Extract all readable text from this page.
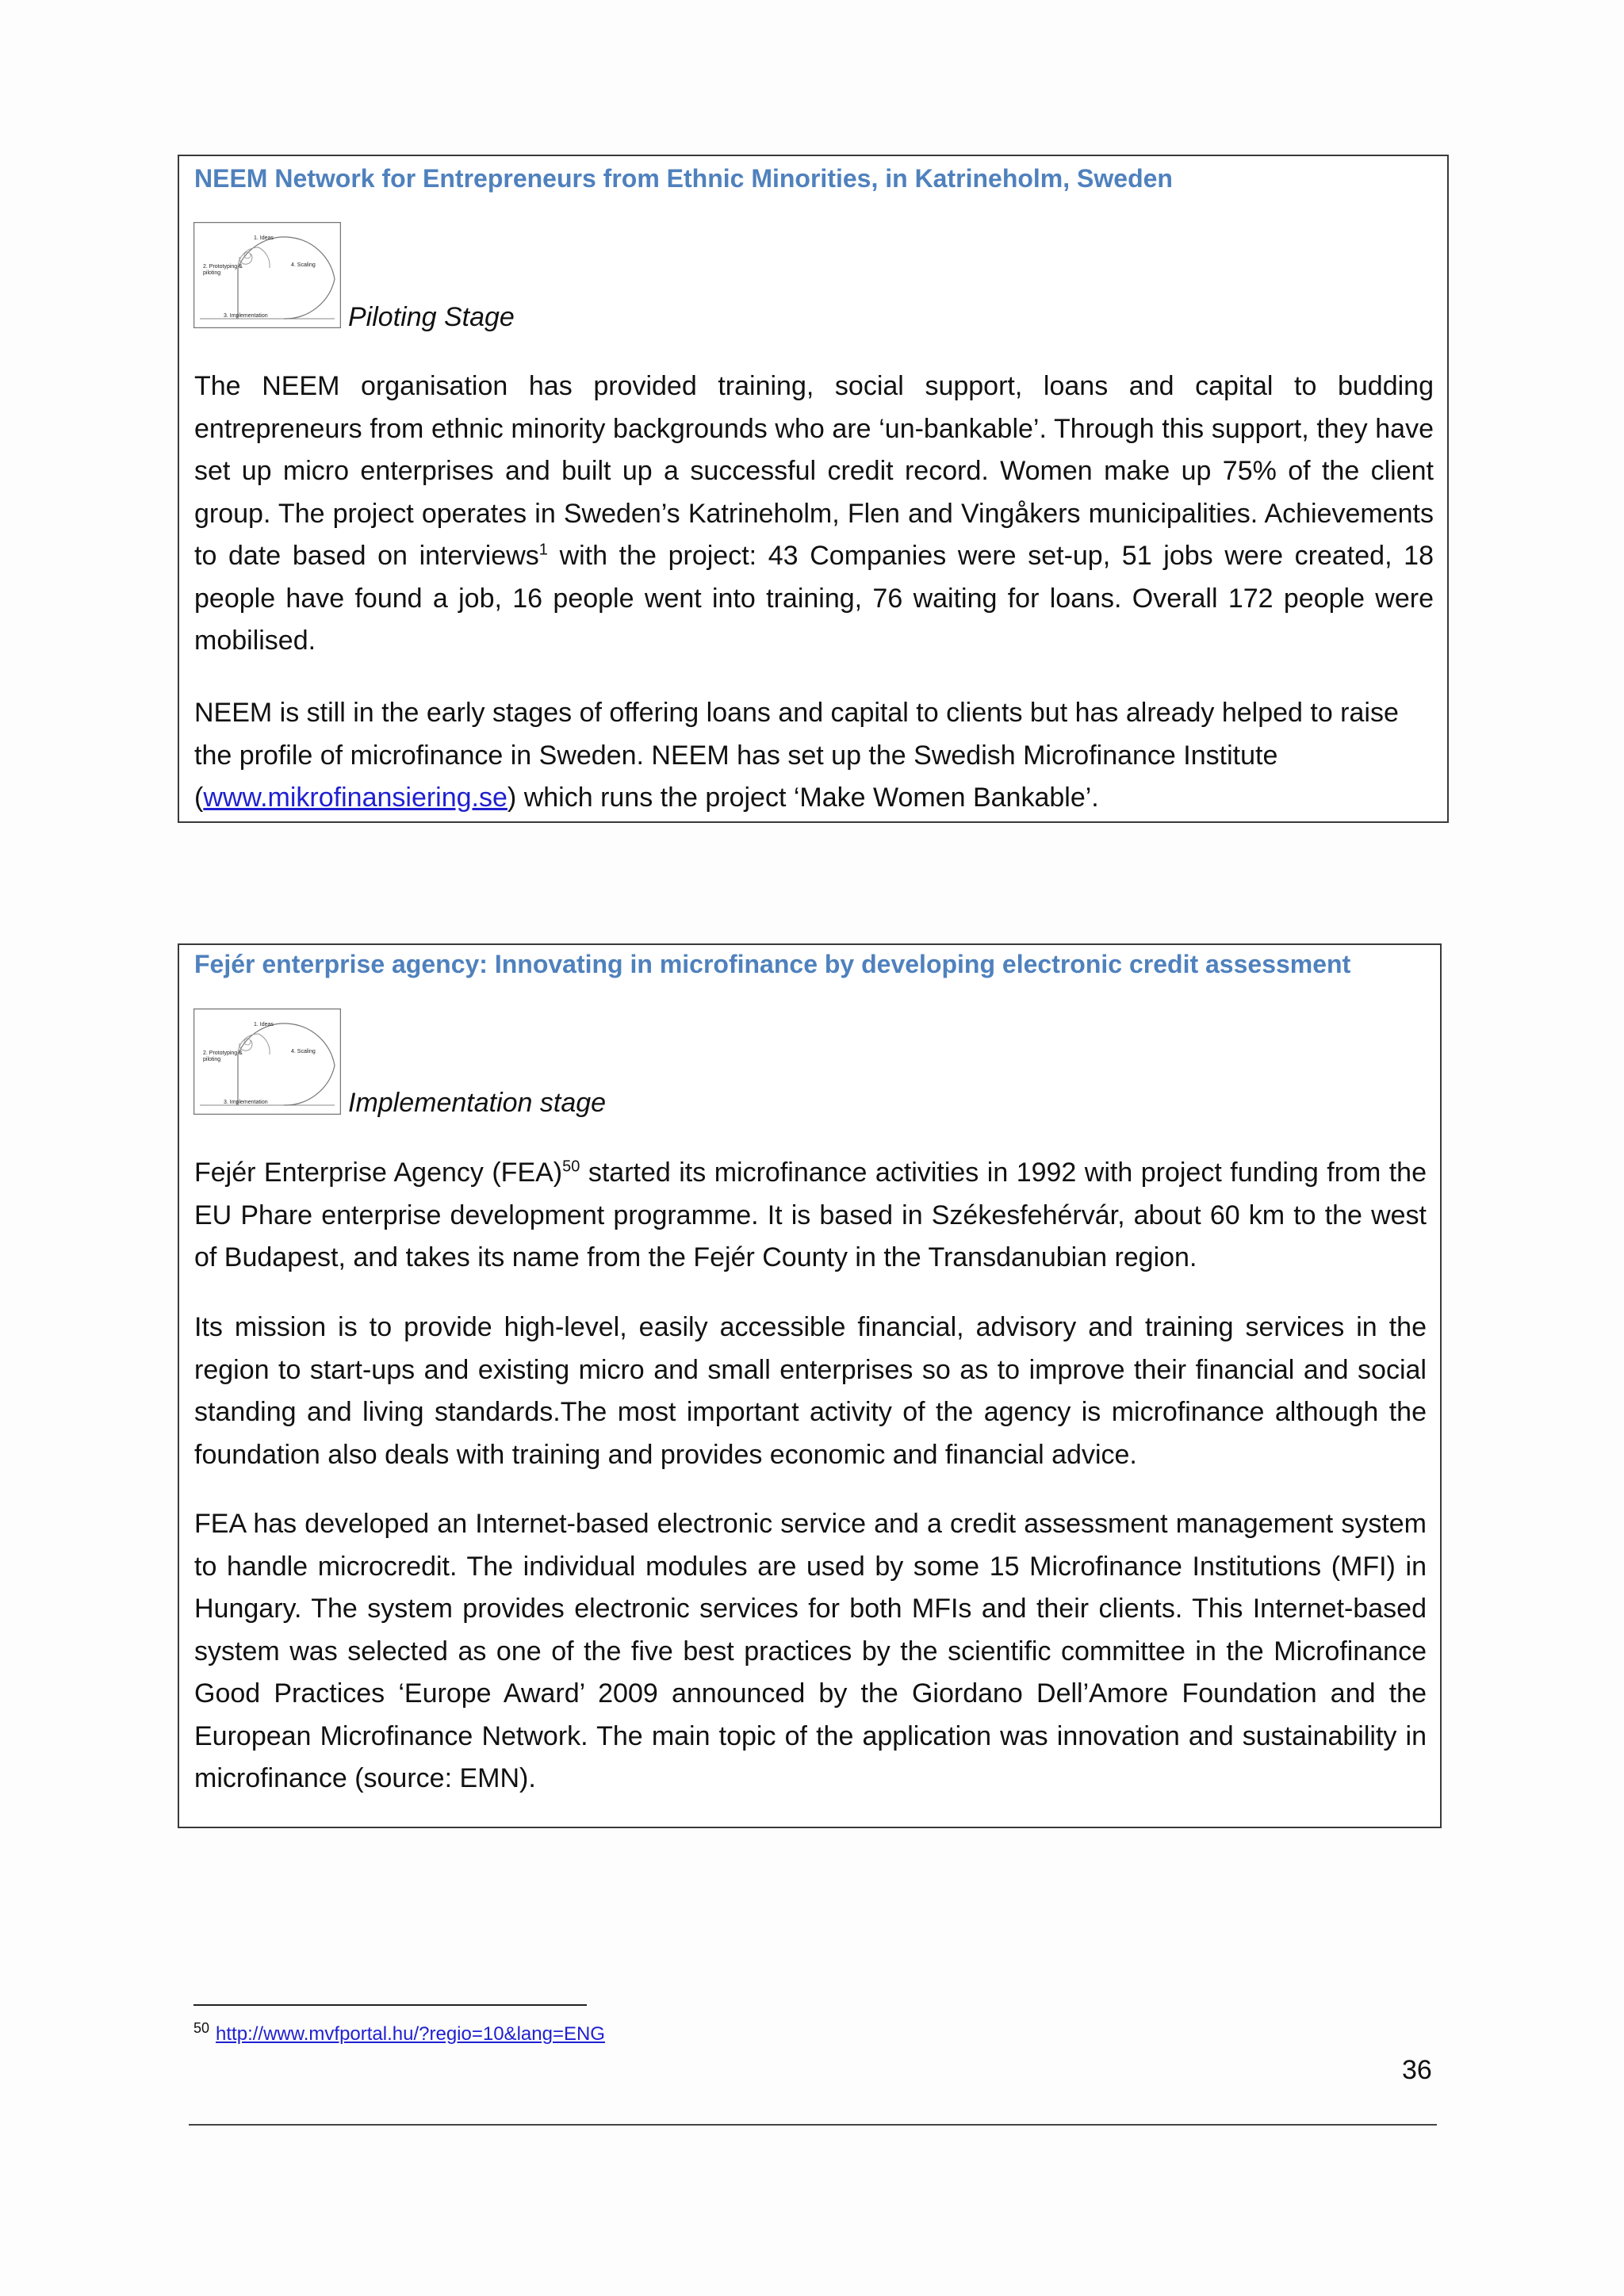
NEEM Network for Entrepreneurs from Ethnic Minorities, in Katrineholm, Sweden
1. Ideas
2. Prototyping &
piloting
4. Scaling
3. Implementation	Piloting Stage

The NEEM organisation has provided training, social support, loans and capital to budding entrepreneurs from ethnic minority backgrounds who are ‘un-bankable’. Through this support, they have set up micro enterprises and built up a successful credit record. Women make up 75% of the client group. The project operates in Sweden’s Katrineholm, Flen and Vingåkers municipalities. Achievements to date based on interviews$^1$ with the project: 43 Companies were set-up, 51 jobs were created, 18 people have found a job, 16 people went into training, 76 waiting for loans. Overall 172 people were mobilised.

NEEM is still in the early stages of offering loans and capital to clients but has already helped to raise the profile of microfinance in Sweden. NEEM has set up the Swedish Microfinance Institute (www.mikrofinansiering.se) which runs the project ‘Make Women Bankable’.

Fejér enterprise agency: Innovating in microfinance by developing electronic credit assessment
1. Ideas
2. Prototyping &
piloting
4. Scaling
3. Implementation	Implementation stage

Fejér Enterprise Agency (FEA)$^{50}$ started its microfinance activities in 1992 with project funding from the EU Phare enterprise development programme. It is based in Székesfehérvár, about 60 km to the west of Budapest, and takes its name from the Fejér County in the Transdanubian region.

Its mission is to provide high-level, easily accessible financial, advisory and training services in the region to start-ups and existing micro and small enterprises so as to improve their financial and social standing and living standards.The most important activity of the agency is microfinance although the foundation also deals with training and provides economic and financial advice.

FEA has developed an Internet-based electronic service and a credit assessment management system to handle microcredit. The individual modules are used by some 15 Microfinance Institutions (MFI) in Hungary. The system provides electronic services for both MFIs and their clients. This Internet-based system was selected as one of the five best practices by the scientific committee in the Microfinance Good Practices ‘Europe Award’ 2009 announced by the Giordano Dell’Amore Foundation and the European Microfinance Network. The main topic of the application was innovation and sustainability in microfinance (source: EMN).

$^{50}$ http://www.mvfportal.hu/?regio=10&lang=ENG
36
